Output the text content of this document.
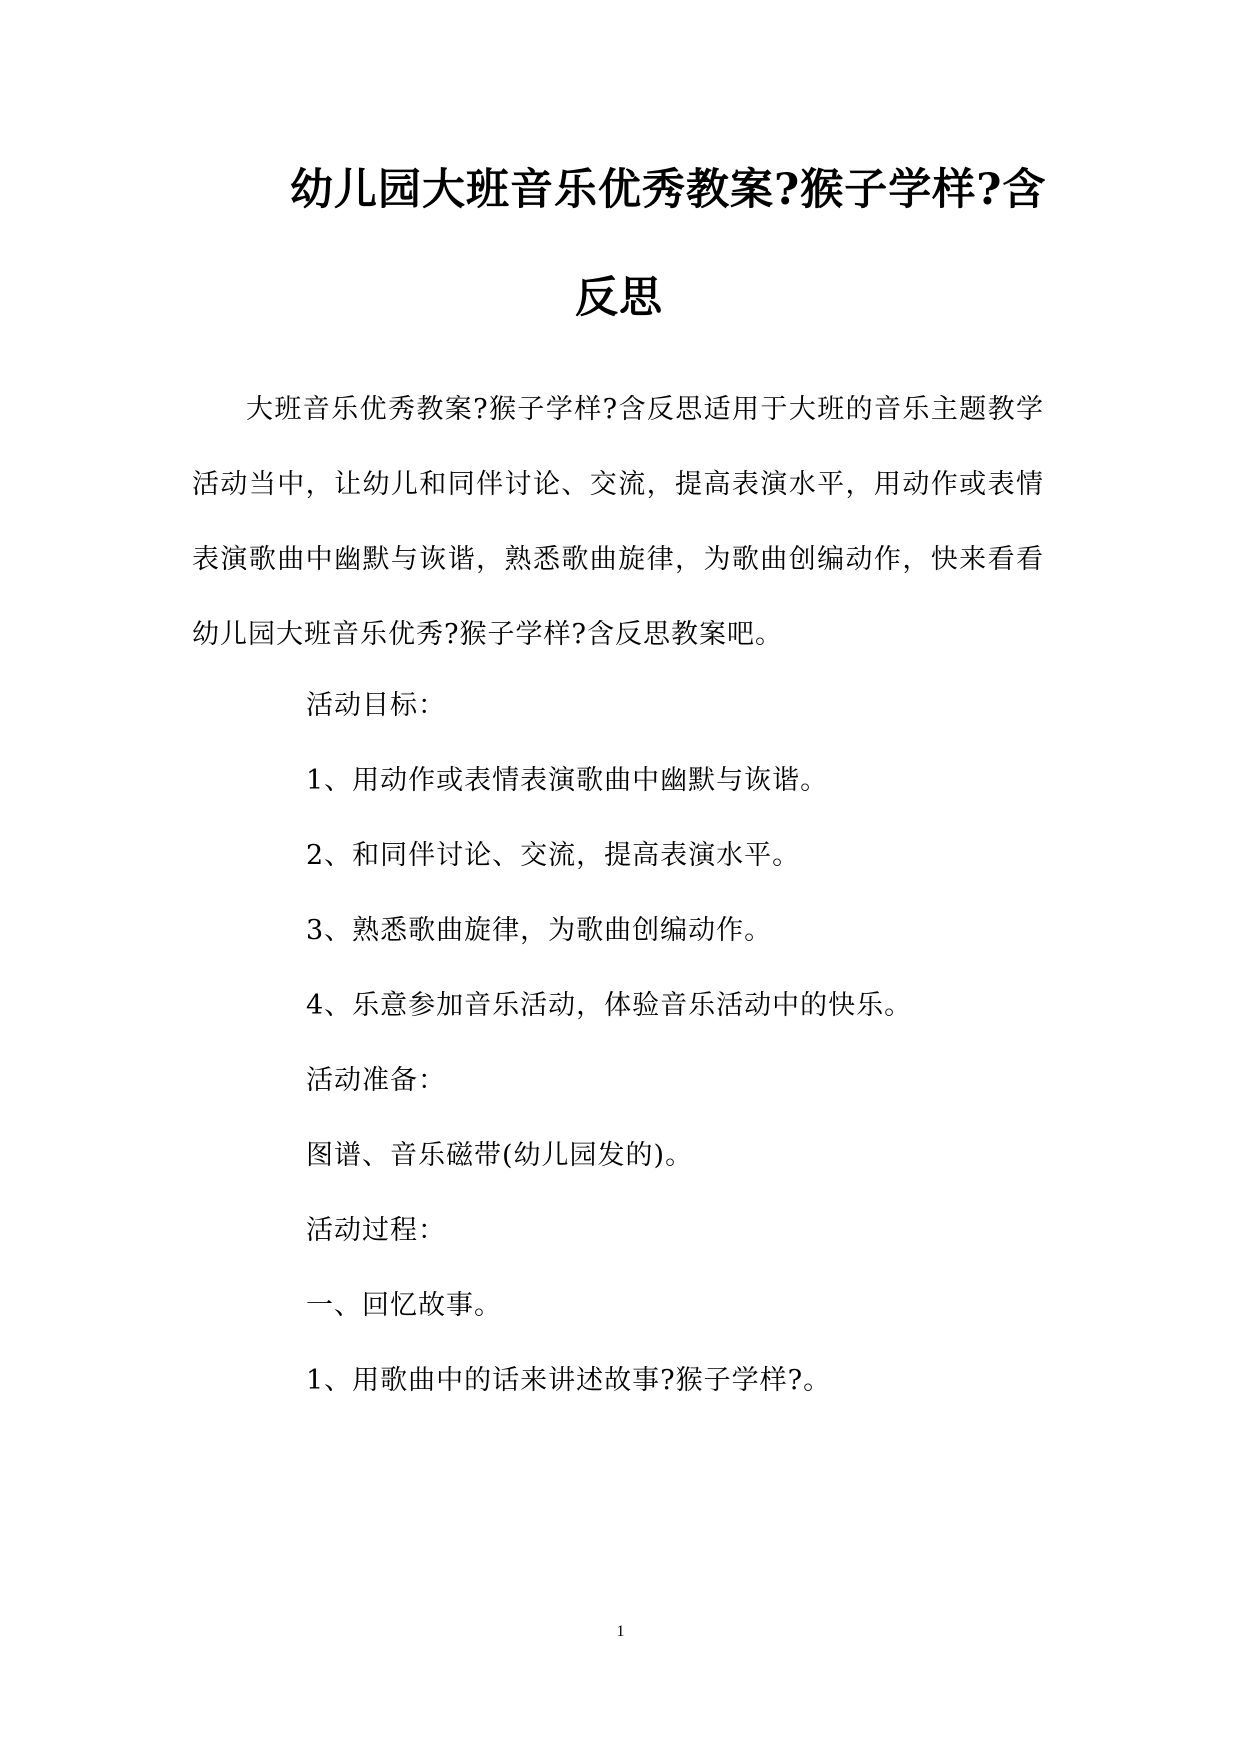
幼儿园大班音乐优秀教案?猴子学样?含
反思
大班音乐优秀教案?猴子学样?含反思适用于大班的音乐主题教学活动当中，让幼儿和同伴讨论、交流，提高表演水平，用动作或表情表演歌曲中幽默与诙谐，熟悉歌曲旋律，为歌曲创编动作，快来看看幼儿园大班音乐优秀?猴子学样?含反思教案吧。
活动目标：
1、用动作或表情表演歌曲中幽默与诙谐。
2、和同伴讨论、交流，提高表演水平。
3、熟悉歌曲旋律，为歌曲创编动作。
4、乐意参加音乐活动，体验音乐活动中的快乐。
活动准备：
图谱、音乐磁带(幼儿园发的)。
活动过程：
一、回忆故事。
1、用歌曲中的话来讲述故事?猴子学样?。
1
